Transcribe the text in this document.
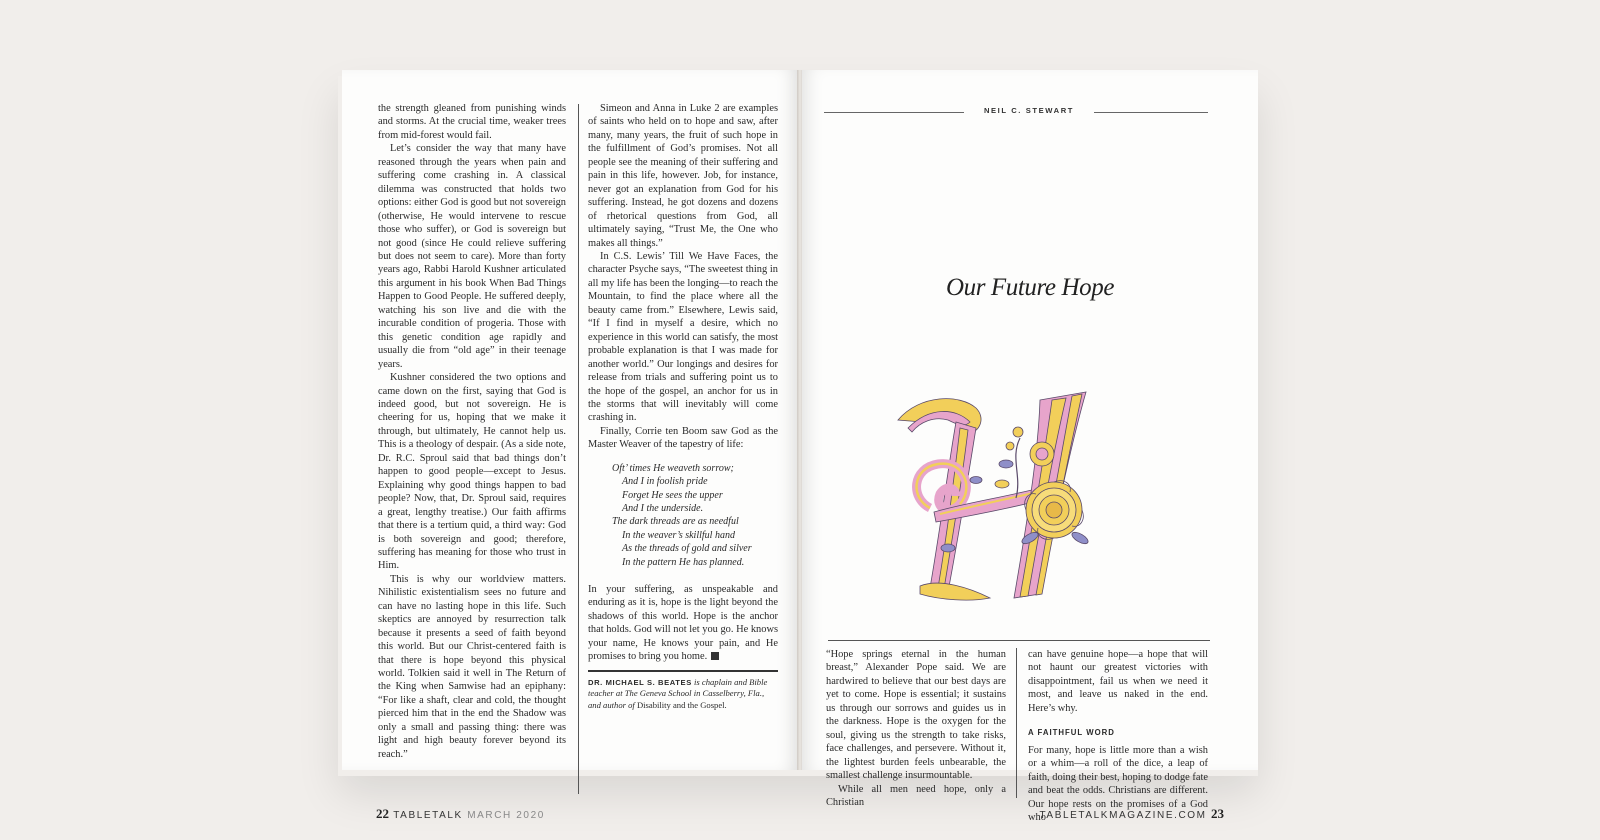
the strength gleaned from punishing winds and storms. At the crucial time, weaker trees from mid-forest would fail.

Let’s consider the way that many have reasoned through the years when pain and suffering come crashing in. A classical dilemma was constructed that holds two options: either God is good but not sovereign (otherwise, He would intervene to rescue those who suffer), or God is sovereign but not good (since He could relieve suffering but does not seem to care). More than forty years ago, Rabbi Harold Kushner articulated this argument in his book When Bad Things Happen to Good People. He suffered deeply, watching his son live and die with the incurable condition of progeria. Those with this genetic condition age rapidly and usually die from “old age” in their teenage years.

Kushner considered the two options and came down on the first, saying that God is indeed good, but not sovereign. He is cheering for us, hoping that we make it through, but ultimately, He cannot help us. This is a theology of despair. (As a side note, Dr. R.C. Sproul said that bad things don’t happen to good people—except to Jesus. Explaining why good things happen to bad people? Now, that, Dr. Sproul said, requires a great, lengthy treatise.) Our faith affirms that there is a tertium quid, a third way: God is both sovereign and good; therefore, suffering has meaning for those who trust in Him.

This is why our worldview matters. Nihilistic existentialism sees no future and can have no lasting hope in this life. Such skeptics are annoyed by resurrection talk because it presents a seed of faith beyond this world. But our Christ-centered faith is that there is hope beyond this physical world. Tolkien said it well in The Return of the King when Samwise had an epiphany: “For like a shaft, clear and cold, the thought pierced him that in the end the Shadow was only a small and passing thing: there was light and high beauty forever beyond its reach.”

Simeon and Anna in Luke 2 are examples of saints who held on to hope and saw, after many, many years, the fruit of such hope in the fulfillment of God’s promises. Not all people see the meaning of their suffering and pain in this life, however. Job, for instance, never got an explanation from God for his suffering. Instead, he got dozens and dozens of rhetorical questions from God, all ultimately saying, “Trust Me, the One who makes all things.”

In C.S. Lewis’ Till We Have Faces, the character Psyche says, “The sweetest thing in all my life has been the longing—to reach the Mountain, to find the place where all the beauty came from.” Elsewhere, Lewis said, “If I find in myself a desire, which no experience in this world can satisfy, the most probable explanation is that I was made for another world.” Our longings and desires for release from trials and suffering point us to the hope of the gospel, an anchor for us in the storms that will inevitably will come crashing in.

Finally, Corrie ten Boom saw God as the Master Weaver of the tapestry of life:

Oft’ times He weaveth sorrow;
And I in foolish pride
Forget He sees the upper
And I the underside.
The dark threads are as needful
In the weaver’s skillful hand
As the threads of gold and silver
In the pattern He has planned.

In your suffering, as unspeakable and enduring as it is, hope is the light beyond the shadows of this world. Hope is the anchor that holds. God will not let you go. He knows your name, He knows your pain, and He promises to bring you home.

DR. MICHAEL S. BEATES is chaplain and Bible teacher at The Geneva School in Casselberry, Fla., and author of Disability and the Gospel.
22 TABLETALK MARCH 2020
NEIL C. STEWART
Our Future Hope

“Hope springs eternal in the human breast,” Alexander Pope said. We are hardwired to believe that our best days are yet to come. Hope is essential; it sustains us through our sorrows and guides us in the darkness. Hope is the oxygen for the soul, giving us the strength to take risks, face challenges, and persevere. Without it, the lightest burden feels unbearable, the smallest challenge insurmountable.

While all men need hope, only a Christian

can have genuine hope—a hope that will not haunt our greatest victories with disappointment, fail us when we need it most, and leave us naked in the end. Here’s why.

A FAITHFUL WORD

For many, hope is little more than a wish or a whim—a roll of the dice, a leap of faith, doing their best, hoping to dodge fate and beat the odds. Christians are different. Our hope rests on the promises of a God who

TABLETALKMAGAZINE.COM 23
